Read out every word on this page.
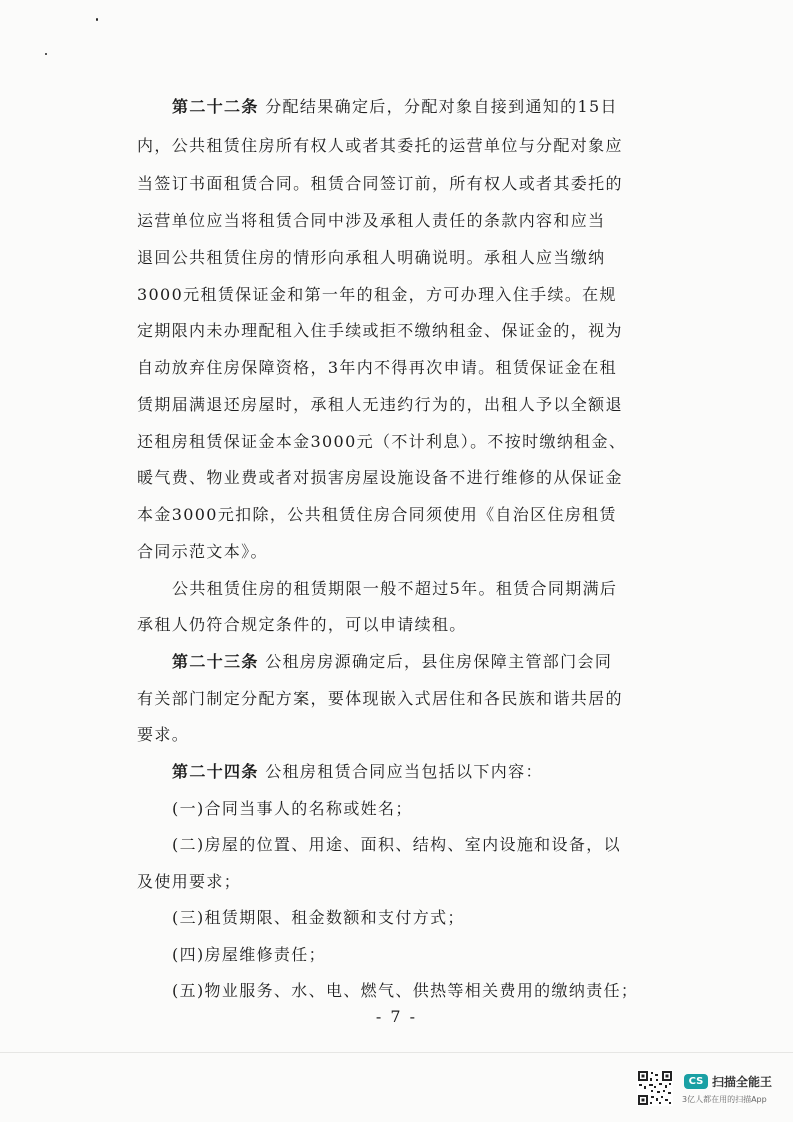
第二十二条 分配结果确定后，分配对象自接到通知的15日
内，公共租赁住房所有权人或者其委托的运营单位与分配对象应
当签订书面租赁合同。租赁合同签订前，所有权人或者其委托的
运营单位应当将租赁合同中涉及承租人责任的条款内容和应当
退回公共租赁住房的情形向承租人明确说明。承租人应当缴纳
3000元租赁保证金和第一年的租金，方可办理入住手续。在规
定期限内未办理配租入住手续或拒不缴纳租金、保证金的，视为
自动放弃住房保障资格，3年内不得再次申请。租赁保证金在租
赁期届满退还房屋时，承租人无违约行为的，出租人予以全额退
还租房租赁保证金本金3000元（不计利息）。不按时缴纳租金、
暖气费、物业费或者对损害房屋设施设备不进行维修的从保证金
本金3000元扣除，公共租赁住房合同须使用《自治区住房租赁
合同示范文本》。
公共租赁住房的租赁期限一般不超过5年。租赁合同期满后
承租人仍符合规定条件的，可以申请续租。
第二十三条 公租房房源确定后，县住房保障主管部门会同
有关部门制定分配方案，要体现嵌入式居住和各民族和谐共居的
要求。
第二十四条 公租房租赁合同应当包括以下内容：
(一)合同当事人的名称或姓名；
(二)房屋的位置、用途、面积、结构、室内设施和设备，以
及使用要求；
(三)租赁期限、租金数额和支付方式；
(四)房屋维修责任；
(五)物业服务、水、电、燃气、供热等相关费用的缴纳责任；
- 7 -
CS 扫描全能王
3亿人都在用的扫描App
